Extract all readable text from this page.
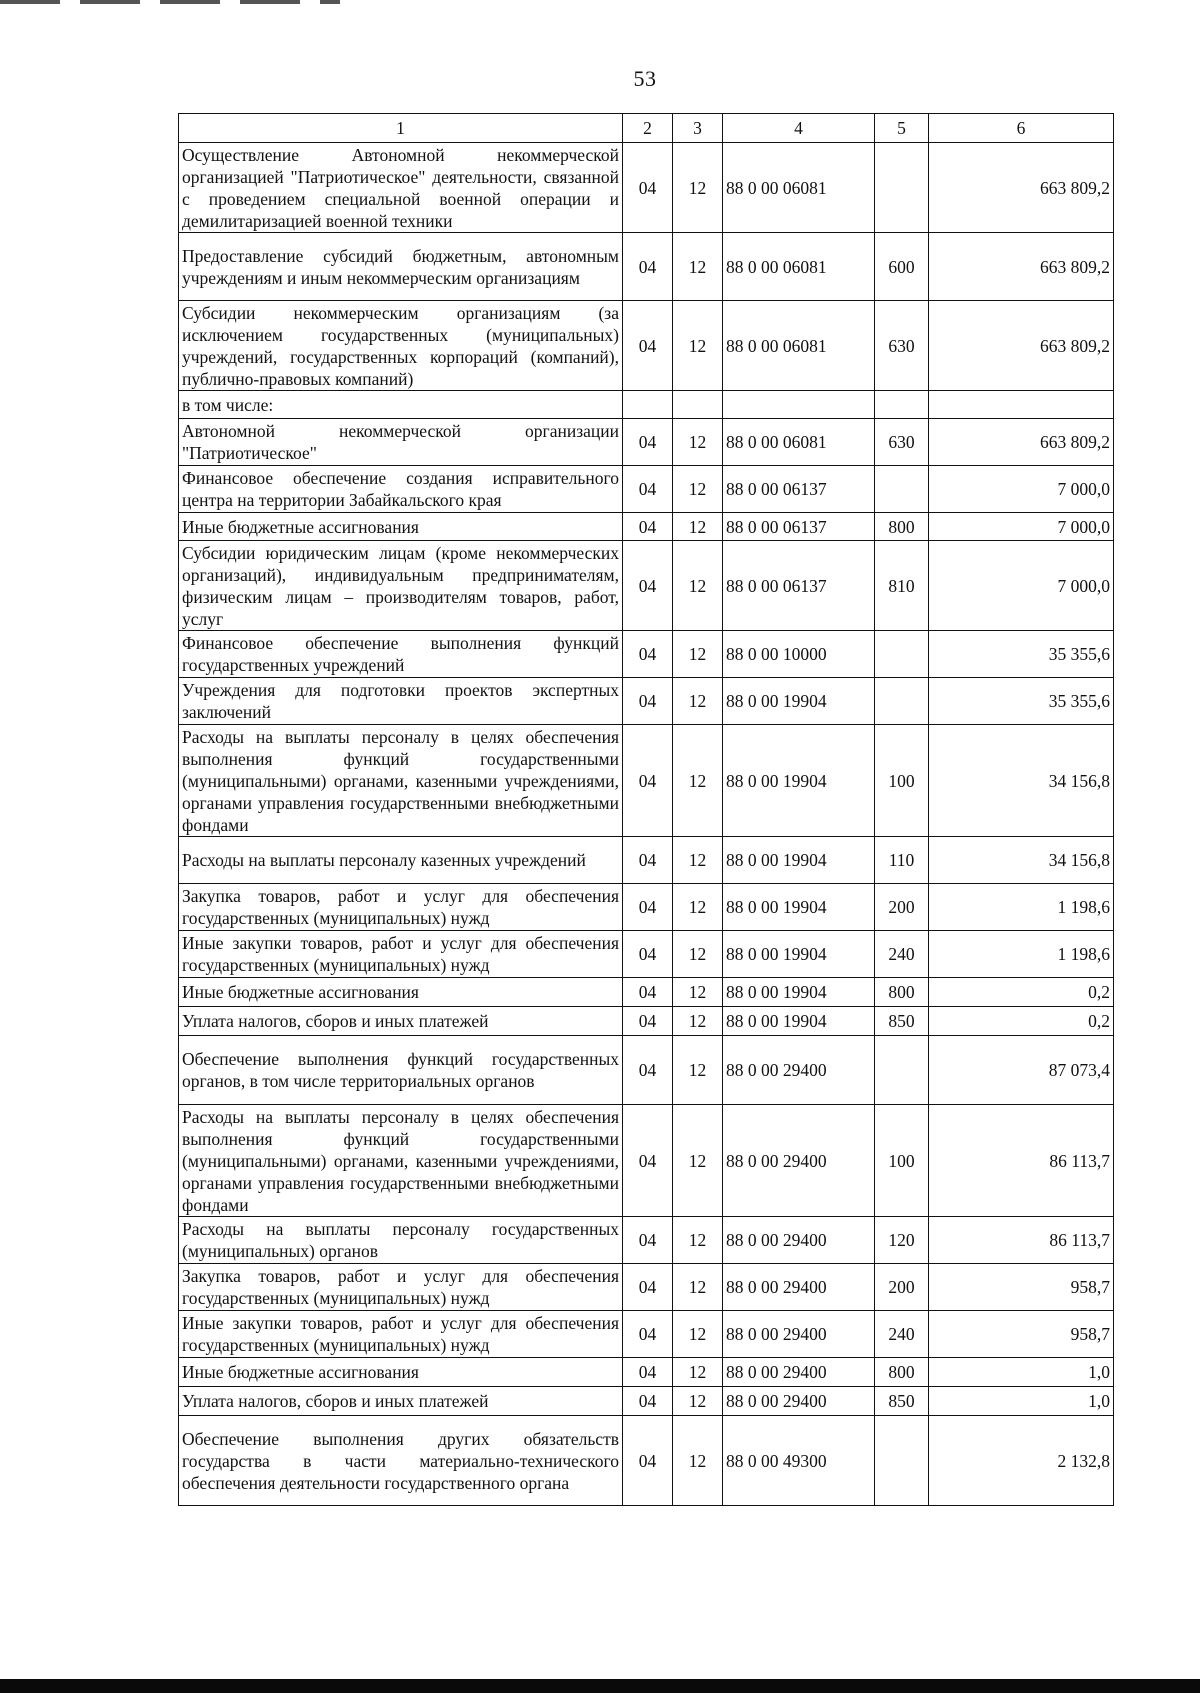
53
1	2	3	4	5	6
Осуществление Автономной некоммерческой организацией "Патриотическое" деятельности, связанной с проведением специальной военной операции и демилитаризацией военной техники	04	12	88 0 00 06081		663 809,2
Предоставление субсидий бюджетным, автономным учреждениям и иным некоммерческим организациям	04	12	88 0 00 06081	600	663 809,2
Субсидии некоммерческим организациям (за исключением государственных (муниципальных) учреждений, государственных корпораций (компаний), публично-правовых компаний)	04	12	88 0 00 06081	630	663 809,2
в том числе:					
Автономной некоммерческой организации "Патриотическое"	04	12	88 0 00 06081	630	663 809,2
Финансовое обеспечение создания исправительного центра на территории Забайкальского края	04	12	88 0 00 06137		7 000,0
Иные бюджетные ассигнования	04	12	88 0 00 06137	800	7 000,0
Субсидии юридическим лицам (кроме некоммерческих организаций), индивидуальным предпринимателям, физическим лицам – производителям товаров, работ, услуг	04	12	88 0 00 06137	810	7 000,0
Финансовое обеспечение выполнения функций государственных учреждений	04	12	88 0 00 10000		35 355,6
Учреждения для подготовки проектов экспертных заключений	04	12	88 0 00 19904		35 355,6
Расходы на выплаты персоналу в целях обеспечения выполнения функций государственными (муниципальными) органами, казенными учреждениями, органами управления государственными внебюджетными фондами	04	12	88 0 00 19904	100	34 156,8
Расходы на выплаты персоналу казенных учреждений	04	12	88 0 00 19904	110	34 156,8
Закупка товаров, работ и услуг для обеспечения государственных (муниципальных) нужд	04	12	88 0 00 19904	200	1 198,6
Иные закупки товаров, работ и услуг для обеспечения государственных (муниципальных) нужд	04	12	88 0 00 19904	240	1 198,6
Иные бюджетные ассигнования	04	12	88 0 00 19904	800	0,2
Уплата налогов, сборов и иных платежей	04	12	88 0 00 19904	850	0,2
Обеспечение выполнения функций государственных органов, в том числе территориальных органов	04	12	88 0 00 29400		87 073,4
Расходы на выплаты персоналу в целях обеспечения выполнения функций государственными (муниципальными) органами, казенными учреждениями, органами управления государственными внебюджетными фондами	04	12	88 0 00 29400	100	86 113,7
Расходы на выплаты персоналу государственных (муниципальных) органов	04	12	88 0 00 29400	120	86 113,7
Закупка товаров, работ и услуг для обеспечения государственных (муниципальных) нужд	04	12	88 0 00 29400	200	958,7
Иные закупки товаров, работ и услуг для обеспечения государственных (муниципальных) нужд	04	12	88 0 00 29400	240	958,7
Иные бюджетные ассигнования	04	12	88 0 00 29400	800	1,0
Уплата налогов, сборов и иных платежей	04	12	88 0 00 29400	850	1,0
Обеспечение выполнения других обязательств государства в части материально-технического обеспечения деятельности государственного органа	04	12	88 0 00 49300		2 132,8
